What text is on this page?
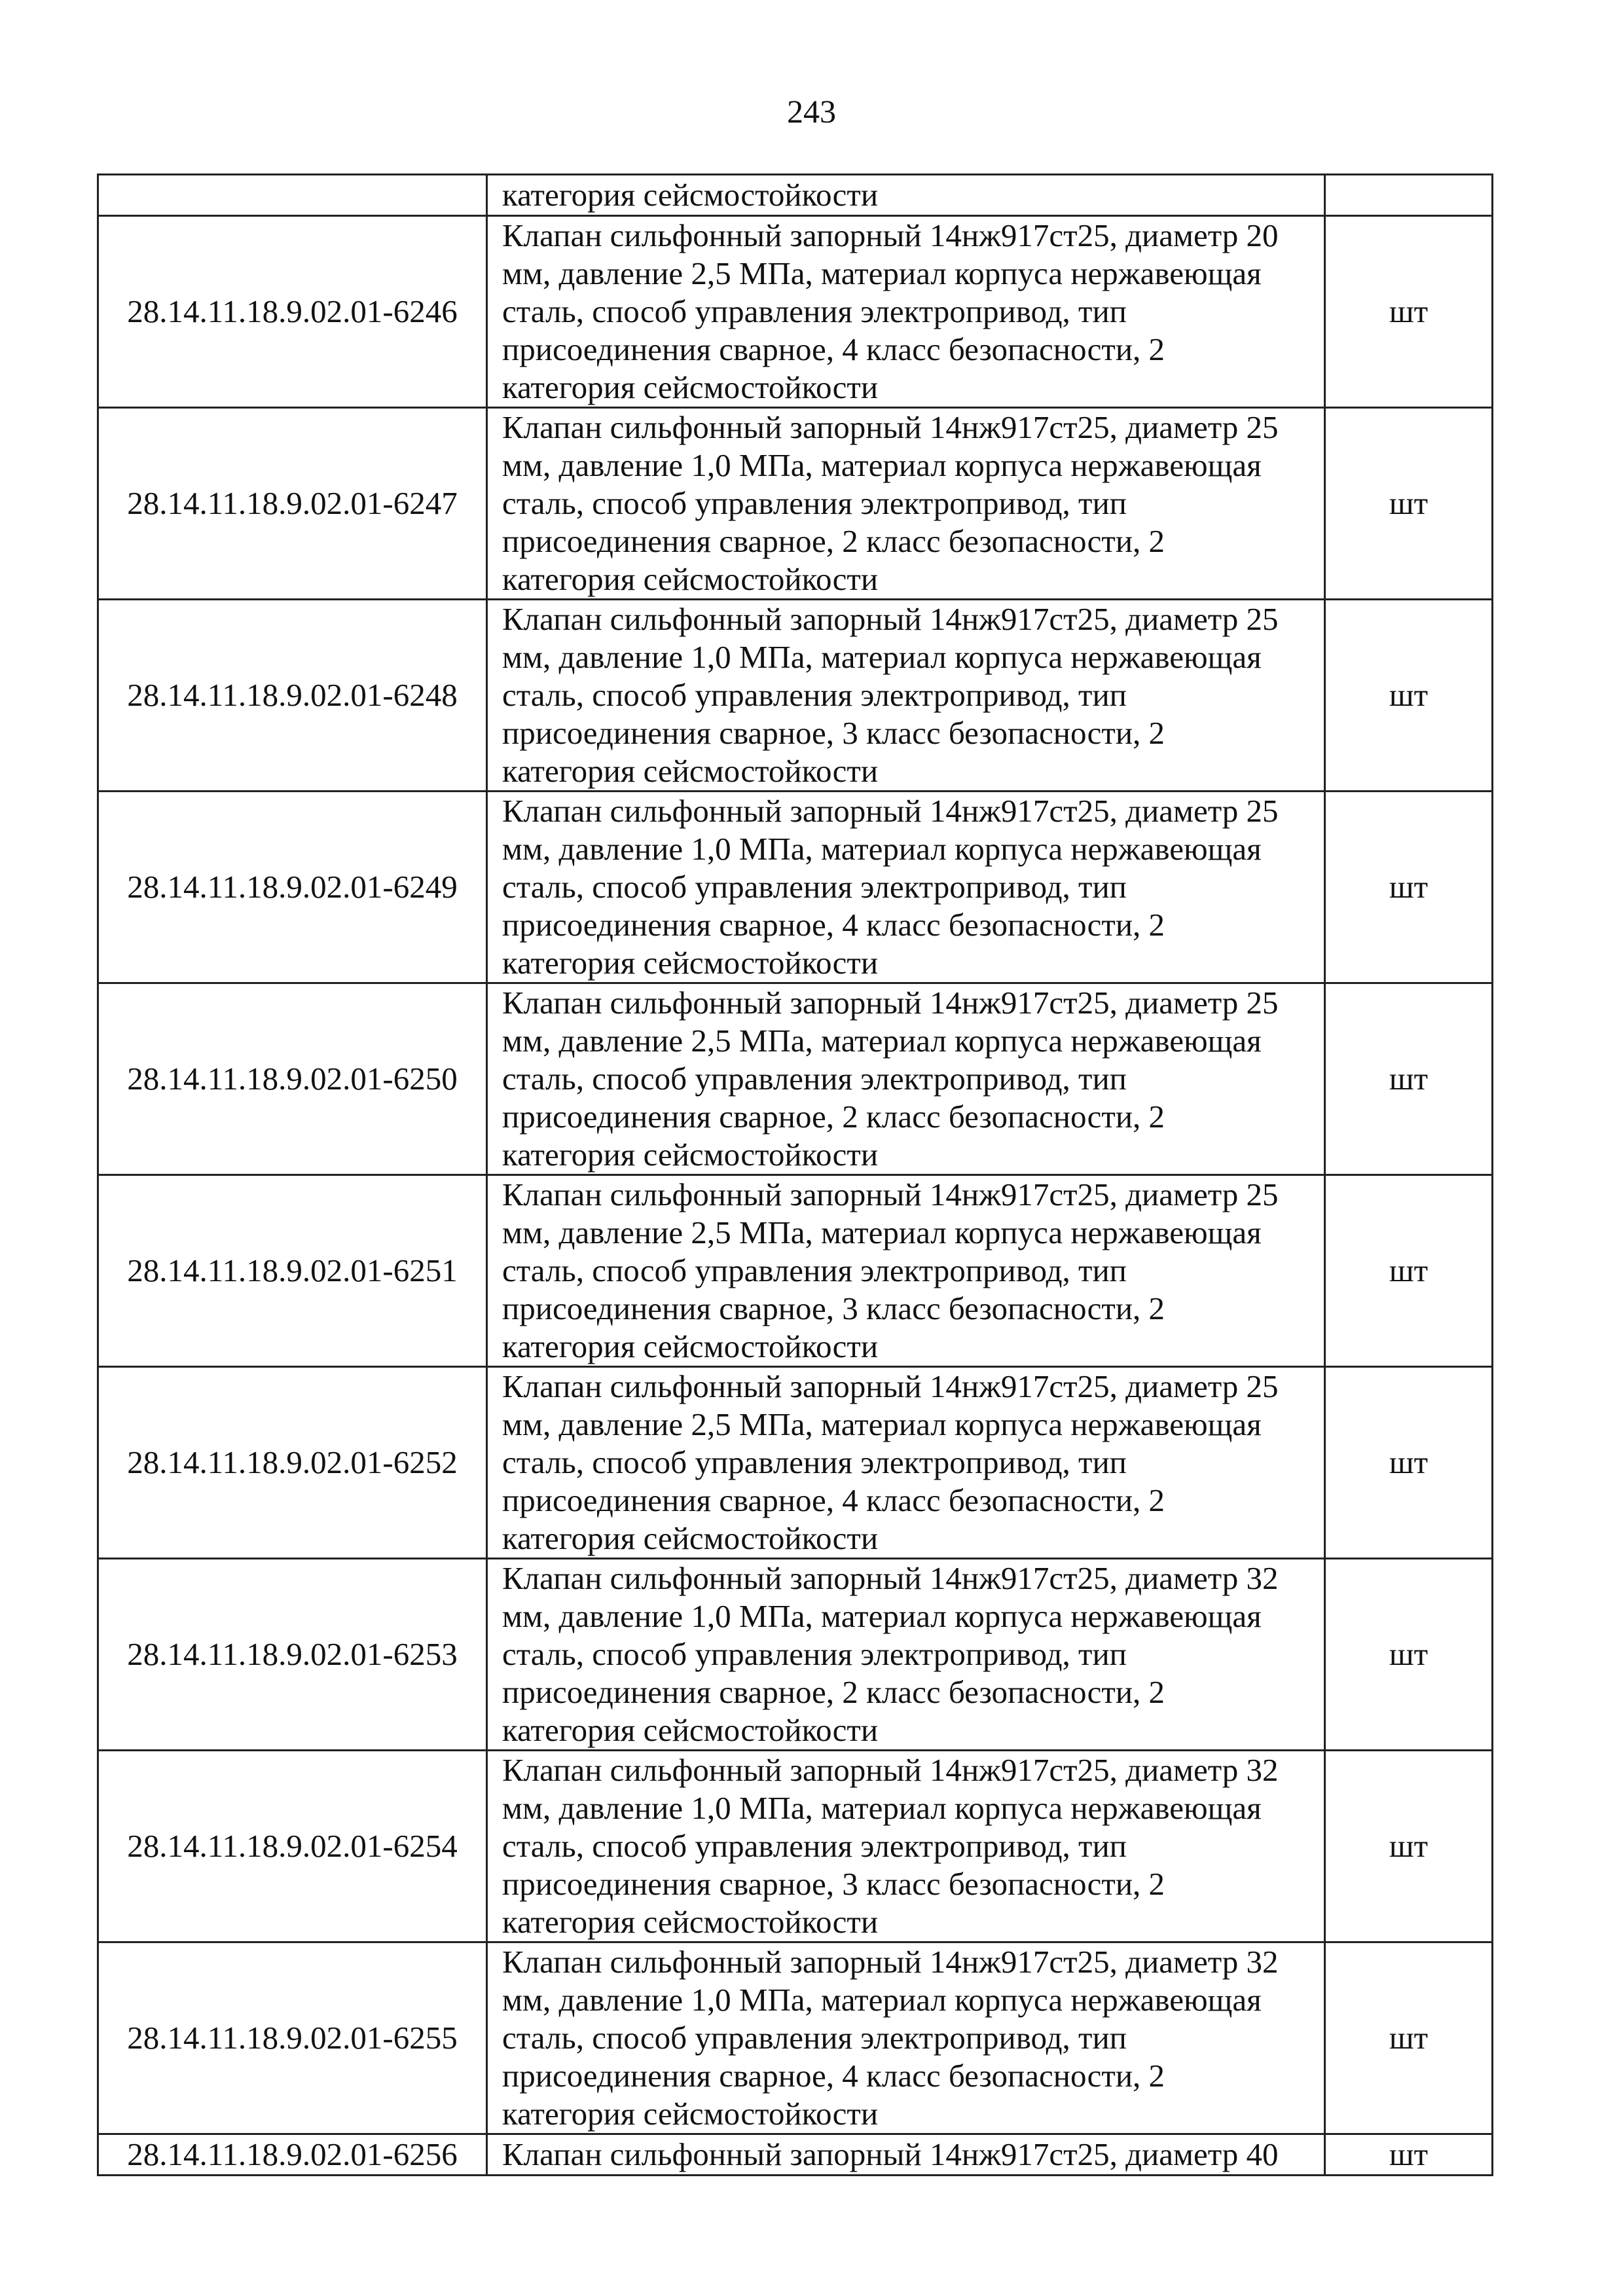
243
	категория сейсмостойкости	
28.14.11.18.9.02.01-6246	Клапан сильфонный запорный 14нж917ст25, диаметр 20
мм, давление 2,5 МПа, материал корпуса нержавеющая
сталь, способ управления электропривод, тип
присоединения сварное, 4 класс безопасности, 2
категория сейсмостойкости	шт
28.14.11.18.9.02.01-6247	Клапан сильфонный запорный 14нж917ст25, диаметр 25
мм, давление 1,0 МПа, материал корпуса нержавеющая
сталь, способ управления электропривод, тип
присоединения сварное, 2 класс безопасности, 2
категория сейсмостойкости	шт
28.14.11.18.9.02.01-6248	Клапан сильфонный запорный 14нж917ст25, диаметр 25
мм, давление 1,0 МПа, материал корпуса нержавеющая
сталь, способ управления электропривод, тип
присоединения сварное, 3 класс безопасности, 2
категория сейсмостойкости	шт
28.14.11.18.9.02.01-6249	Клапан сильфонный запорный 14нж917ст25, диаметр 25
мм, давление 1,0 МПа, материал корпуса нержавеющая
сталь, способ управления электропривод, тип
присоединения сварное, 4 класс безопасности, 2
категория сейсмостойкости	шт
28.14.11.18.9.02.01-6250	Клапан сильфонный запорный 14нж917ст25, диаметр 25
мм, давление 2,5 МПа, материал корпуса нержавеющая
сталь, способ управления электропривод, тип
присоединения сварное, 2 класс безопасности, 2
категория сейсмостойкости	шт
28.14.11.18.9.02.01-6251	Клапан сильфонный запорный 14нж917ст25, диаметр 25
мм, давление 2,5 МПа, материал корпуса нержавеющая
сталь, способ управления электропривод, тип
присоединения сварное, 3 класс безопасности, 2
категория сейсмостойкости	шт
28.14.11.18.9.02.01-6252	Клапан сильфонный запорный 14нж917ст25, диаметр 25
мм, давление 2,5 МПа, материал корпуса нержавеющая
сталь, способ управления электропривод, тип
присоединения сварное, 4 класс безопасности, 2
категория сейсмостойкости	шт
28.14.11.18.9.02.01-6253	Клапан сильфонный запорный 14нж917ст25, диаметр 32
мм, давление 1,0 МПа, материал корпуса нержавеющая
сталь, способ управления электропривод, тип
присоединения сварное, 2 класс безопасности, 2
категория сейсмостойкости	шт
28.14.11.18.9.02.01-6254	Клапан сильфонный запорный 14нж917ст25, диаметр 32
мм, давление 1,0 МПа, материал корпуса нержавеющая
сталь, способ управления электропривод, тип
присоединения сварное, 3 класс безопасности, 2
категория сейсмостойкости	шт
28.14.11.18.9.02.01-6255	Клапан сильфонный запорный 14нж917ст25, диаметр 32
мм, давление 1,0 МПа, материал корпуса нержавеющая
сталь, способ управления электропривод, тип
присоединения сварное, 4 класс безопасности, 2
категория сейсмостойкости	шт
28.14.11.18.9.02.01-6256	Клапан сильфонный запорный 14нж917ст25, диаметр 40	шт
